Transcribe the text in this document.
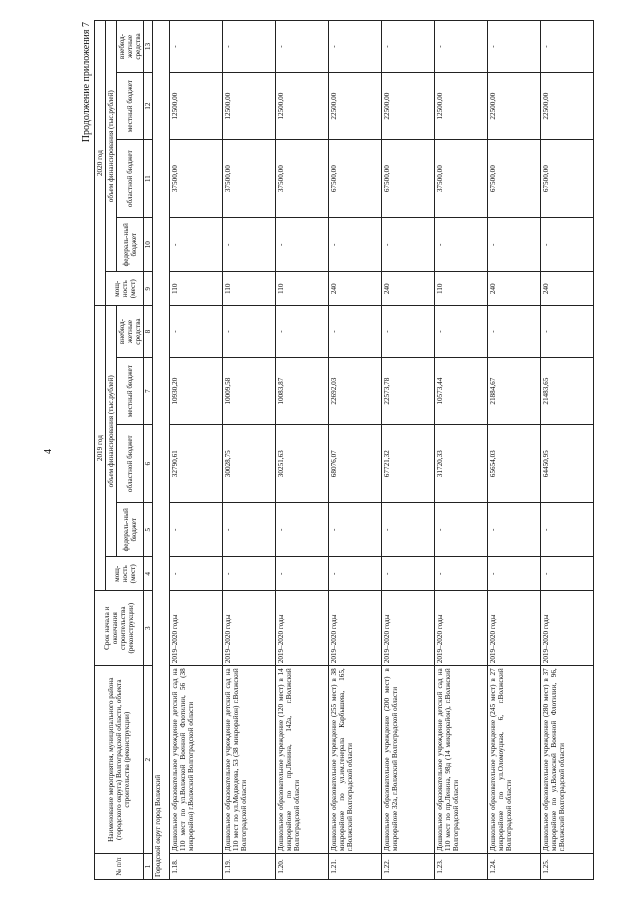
4
Продолжение приложения 7
№ п/п	Наименование мероприятия, муниципального района (городского округа) Волгоградской области, объекта строительства (реконструкции)	Срок начала и окончания строительства (реконструкции)	2019 год					2020 год				
			мощ-ность (мест)	объем финансирования (тыс.рублей)				мощ-ность (мест)	объем финансирования (тыс.рублей)			
				федераль-ный бюджет	областной бюджет	местный бюджет	внебюд-жетные средства		федераль-ный бюджет	областной бюджет	местный бюджет	внебюд-жетные средства
1	2	3	4	5	6	7	8	9	10	11	12	13
Городской округ город Волжский												
1.18.	Дошкольное образовательное учреждение детский сад на 110 мест по ул.Волжской Военной Флотилии, 56 (38 микрорайон) г.Волжский Волгоградской области	2019–2020 годы	-	-	32790,61	10930,20	-	110	-	37500,00	12500,00	-
1.19.	Дошкольное образовательное учреждение детский сад на 110 мест по ул.Медведева, 53 (38 микрорайон) г.Волжский Волгоградской области	2019–2020 годы	-	-	30028,75	10009,58	-	110	-	37500,00	12500,00	-
1.20.	Дошкольное образовательное учреждение (120 мест) в 14 микрорайоне по пр.Ленина, 142а, г.Волжский Волгоградской области	2019–2020 годы	-	-	30251,63	10083,87	-	110	-	37500,00	12500,00	-
1.21.	Дошкольное образовательное учреждение (255 мест) в 38 микрорайоне по ул.им.генерала Карбышева, 165, г.Волжский Волгоградской области	2019–2020 годы	-	-	68076,07	22692,03	-	240	-	67500,00	22500,00	-
1.22.	Дошкольное образовательное учреждение (200 мест) в микрорайоне 32а, г.Волжский Волгоградской области	2019–2020 годы	-	-	67721,32	22573,78	-	240	-	67500,00	22500,00	-
1.23.	Дошкольное образовательное учреждение детский сад на 110 мест по пр.Ленина, 98д (14 микрорайон), г.Волжский Волгоградской области	2019–2020 годы	-	-	31720,33	10573,44	-	110	-	37500,00	12500,00	-
1.24.	Дошкольное образовательное учреждение (245 мест) в 27 микрорайоне по ул.Оломоуцкая, 6, г.Волжский Волгоградской области	2019–2020 годы	-	-	65654,03	21884,67	-	240	-	67500,00	22500,00	-
1.25.	Дошкольное образовательное учреждение (280 мест) в 37 микрорайоне по ул.Волжской Военной Флотилии, 96, г.Волжский Волгоградской области	2019–2020 годы	-	-	64450,95	21483,65	-	240	-	67500,00	22500,00	-
